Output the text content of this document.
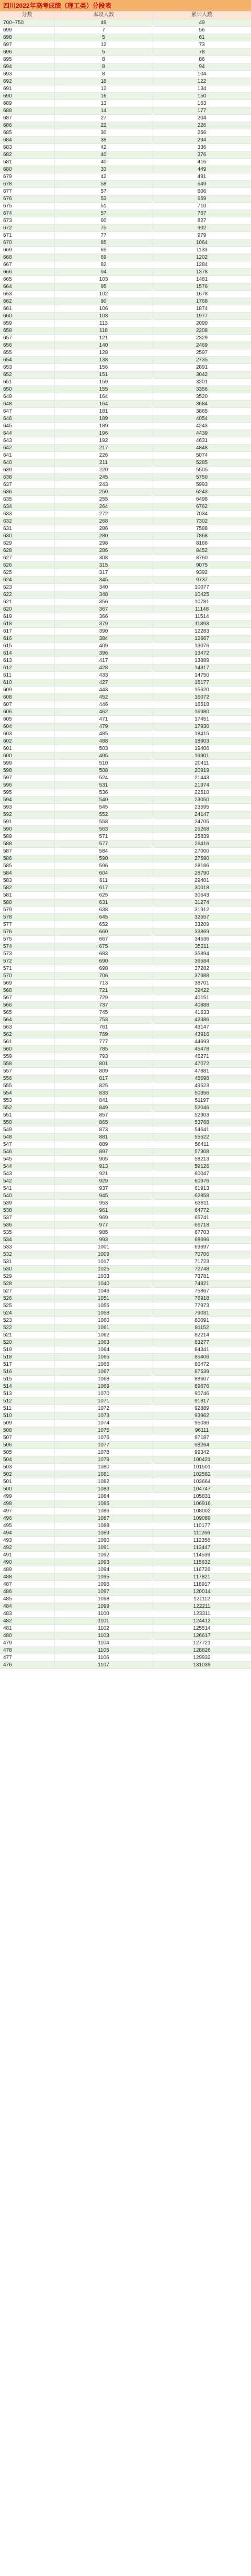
四川2022年高考成绩（理工类）分段表
分数	本段人数	累计人数
700~750	49	49
699	7	56
698	5	61
697	12	73
696	5	78
695	8	86
694	8	94
693	8	104
692	18	122
691	12	134
690	16	150
689	13	163
688	14	177
687	27	204
686	22	226
685	30	256
684	38	294
683	42	336
682	40	376
681	40	416
680	33	449
679	42	491
678	58	549
677	57	606
676	53	659
675	51	710
674	57	767
673	60	827
672	75	902
671	77	979
670	85	1064
669	69	1133
668	69	1202
667	82	1284
666	94	1378
665	103	1481
664	95	1576
663	102	1678
662	90	1768
661	106	1874
660	103	1977
659	113	2090
658	118	2208
657	121	2329
656	140	2469
655	128	2597
654	138	2735
653	156	2891
652	151	3042
651	159	3201
650	155	3356
649	164	3520
648	164	3684
647	181	3865
646	189	4054
645	189	4243
644	196	4439
643	192	4631
642	217	4848
641	226	5074
640	211	5285
639	220	5505
638	245	5750
637	243	5993
636	250	6243
635	255	6498
634	264	6762
633	272	7034
632	268	7302
631	286	7588
630	280	7868
629	298	8166
628	286	8452
627	308	8760
626	315	9075
625	317	9392
624	345	9737
623	340	10077
622	348	10425
621	356	10781
620	367	11148
619	366	11514
618	379	11893
617	390	12283
616	384	12667
615	409	13076
614	396	13472
613	417	13889
612	428	14317
611	433	14750
610	427	15177
609	443	15620
608	452	16072
607	446	16518
606	462	16980
605	471	17451
604	479	17930
603	485	18415
602	488	18903
601	503	19406
600	495	19901
599	510	20411
598	508	20919
597	524	21443
596	531	21974
595	536	22510
594	540	23050
593	545	23595
592	552	24147
591	558	24705
590	563	25268
589	571	25839
588	577	26416
587	584	27000
586	590	27590
585	596	28186
584	604	28790
583	611	29401
582	617	30018
581	625	30643
580	631	31274
579	638	31912
578	645	32557
577	652	33209
576	660	33869
575	667	34536
574	675	35211
573	683	35894
572	690	36584
571	698	37282
570	706	37988
569	713	38701
568	721	39422
567	729	40151
566	737	40888
565	745	41633
564	753	42386
563	761	43147
562	769	43916
561	777	44693
560	785	45478
559	793	46271
558	801	47072
557	809	47881
556	817	48698
555	825	49523
554	833	50356
553	841	51197
552	849	52046
551	857	52903
550	865	53768
549	873	54641
548	881	55522
547	889	56411
546	897	57308
545	905	58213
544	913	59126
543	921	60047
542	929	60976
541	937	61913
540	945	62858
539	953	63811
538	961	64772
537	969	65741
536	977	66718
535	985	67703
534	993	68696
533	1001	69697
532	1009	70706
531	1017	71723
530	1025	72748
529	1033	73781
528	1040	74821
527	1046	75867
526	1051	76918
525	1055	77973
524	1058	79031
523	1060	80091
522	1061	81152
521	1062	82214
520	1063	83277
519	1064	84341
518	1065	85406
517	1066	86472
516	1067	87539
515	1068	88607
514	1069	89676
513	1070	90746
512	1071	91817
511	1072	92889
510	1073	93962
509	1074	95036
508	1075	96111
507	1076	97187
506	1077	98264
505	1078	99342
504	1079	100421
503	1080	101501
502	1081	102582
501	1082	103664
500	1083	104747
499	1084	105831
498	1085	106916
497	1086	108002
496	1087	109089
495	1088	110177
494	1089	111266
493	1090	112356
492	1091	113447
491	1092	114539
490	1093	115632
489	1094	116726
488	1095	117821
487	1096	118917
486	1097	120014
485	1098	121112
484	1099	122211
483	1100	123311
482	1101	124412
481	1102	125514
480	1103	126617
479	1104	127721
478	1105	128826
477	1106	129932
476	1107	131039
